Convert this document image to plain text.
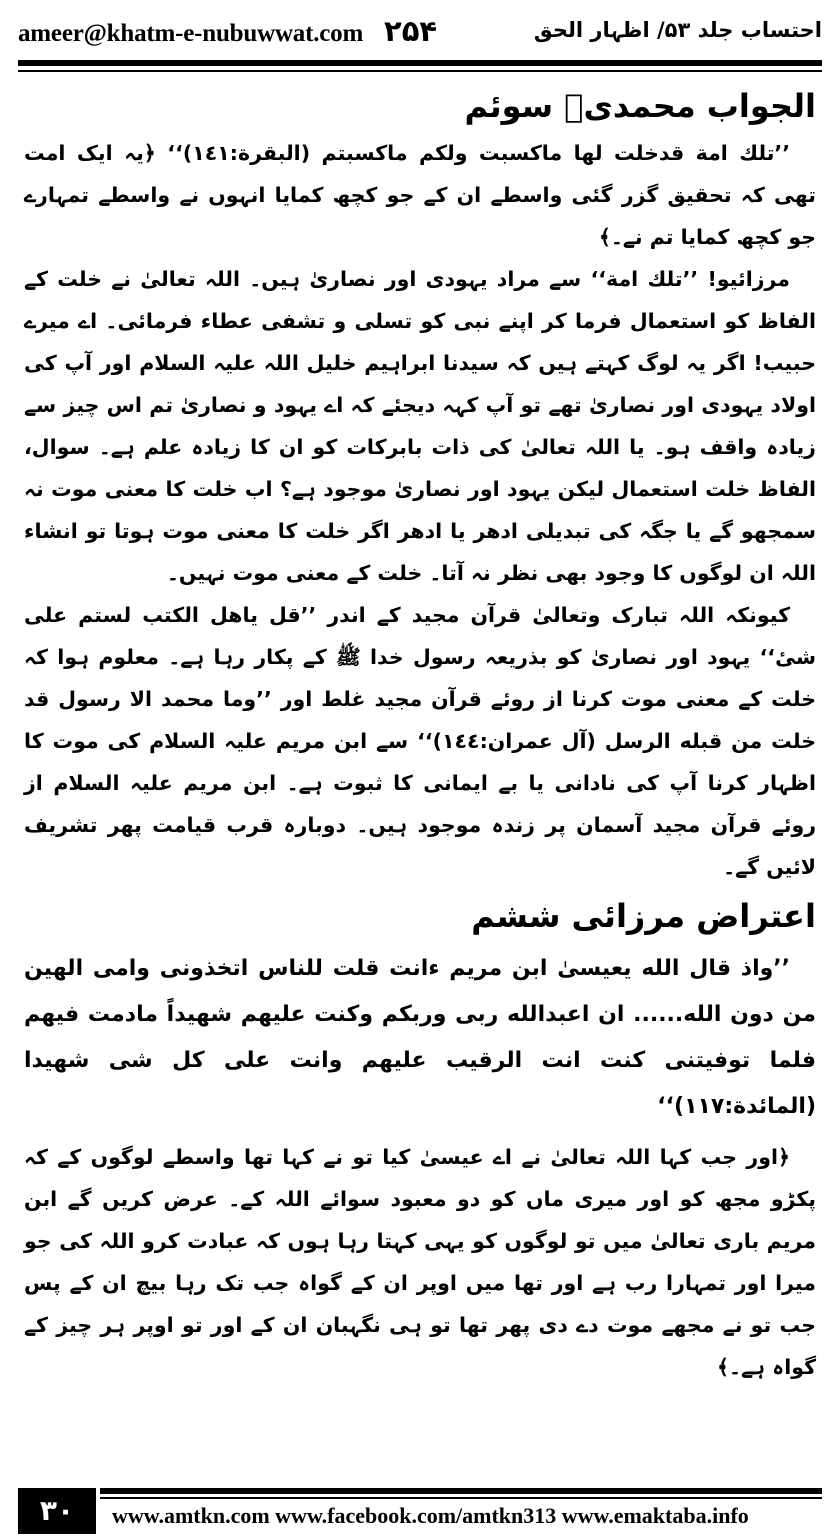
ameer@khatm-e-nubuwwat.com ۲۵۴	احتساب جلد ۵۳/ اظہار الحق
الجواب محمدیؐ سوئم

’’تلك امة قدخلت لها ماكسبت ولكم ماكسبتم (البقرة:١٤١)‘‘ ﴿یہ ایک امت تھی کہ تحقیق گزر گئی واسطے ان کے جو کچھ کمایا انہوں نے واسطے تمہارے جو کچھ کمایا تم نے۔﴾

مرزائیو! ’’تلك امة‘‘ سے مراد یہودی اور نصاریٰ ہیں۔ اللہ تعالیٰ نے خلت کے الفاظ کو استعمال فرما کر اپنے نبی کو تسلی و تشفی عطاء فرمائی۔ اے میرے حبیب! اگر یہ لوگ کہتے ہیں کہ سیدنا ابراہیم خلیل اللہ علیہ السلام اور آپ کی اولاد یہودی اور نصاریٰ تھے تو آپ کہہ دیجئے کہ اے یہود و نصاریٰ تم اس چیز سے زیادہ واقف ہو۔ یا اللہ تعالیٰ کی ذات بابرکات کو ان کا زیادہ علم ہے۔ سوال، الفاظ خلت استعمال لیکن یہود اور نصاریٰ موجود ہے؟ اب خلت کا معنی موت نہ سمجھو گے یا جگہ کی تبدیلی ادھر یا ادھر اگر خلت کا معنی موت ہوتا تو انشاء اللہ ان لوگوں کا وجود بھی نظر نہ آتا۔ خلت کے معنی موت نہیں۔

کیونکہ اللہ تبارک وتعالیٰ قرآن مجید کے اندر ’’قل یاهل الكتب لستم علی شیٔ‘‘ یہود اور نصاریٰ کو بذریعہ رسول خدا ﷺ کے پکار رہا ہے۔ معلوم ہوا کہ خلت کے معنی موت کرنا از روئے قرآن مجید غلط اور ’’وما محمد الا رسول قد خلت من قبله الرسل (آل عمران:١٤٤)‘‘ سے ابن مریم علیہ السلام کی موت کا اظہار کرنا آپ کی نادانی یا بے ایمانی کا ثبوت ہے۔ ابن مریم علیہ السلام از روئے قرآن مجید آسمان پر زندہ موجود ہیں۔ دوبارہ قرب قیامت پھر تشریف لائیں گے۔

اعتراض مرزائی ششم

’’واذ قال الله یعیسیٰ ابن مریم ءانت قلت للناس اتخذونی وامی الهین من دون الله...... ان اعبدالله ربی وربكم وكنت علیهم شهیداً مادمت فیهم فلما توفیتنی كنت انت الرقیب علیهم وانت علی كل شی شهیدا (المائدة:١١٧)‘‘

﴿اور جب کہا اللہ تعالیٰ نے اے عیسیٰ کیا تو نے کہا تھا واسطے لوگوں کے کہ پکڑو مجھ کو اور میری ماں کو دو معبود سوائے اللہ کے۔ عرض کریں گے ابن مریم باری تعالیٰ میں تو لوگوں کو یہی کہتا رہا ہوں کہ عبادت کرو اللہ کی جو میرا اور تمہارا رب ہے اور تھا میں اوپر ان کے گواہ جب تک رہا بیچ ان کے پس جب تو نے مجھے موت دے دی پھر تھا تو ہی نگہبان ان کے اور تو اوپر ہر چیز کے گواہ ہے۔﴾

۳۰	www.amtkn.com www.facebook.com/amtkn313 www.emaktaba.info
